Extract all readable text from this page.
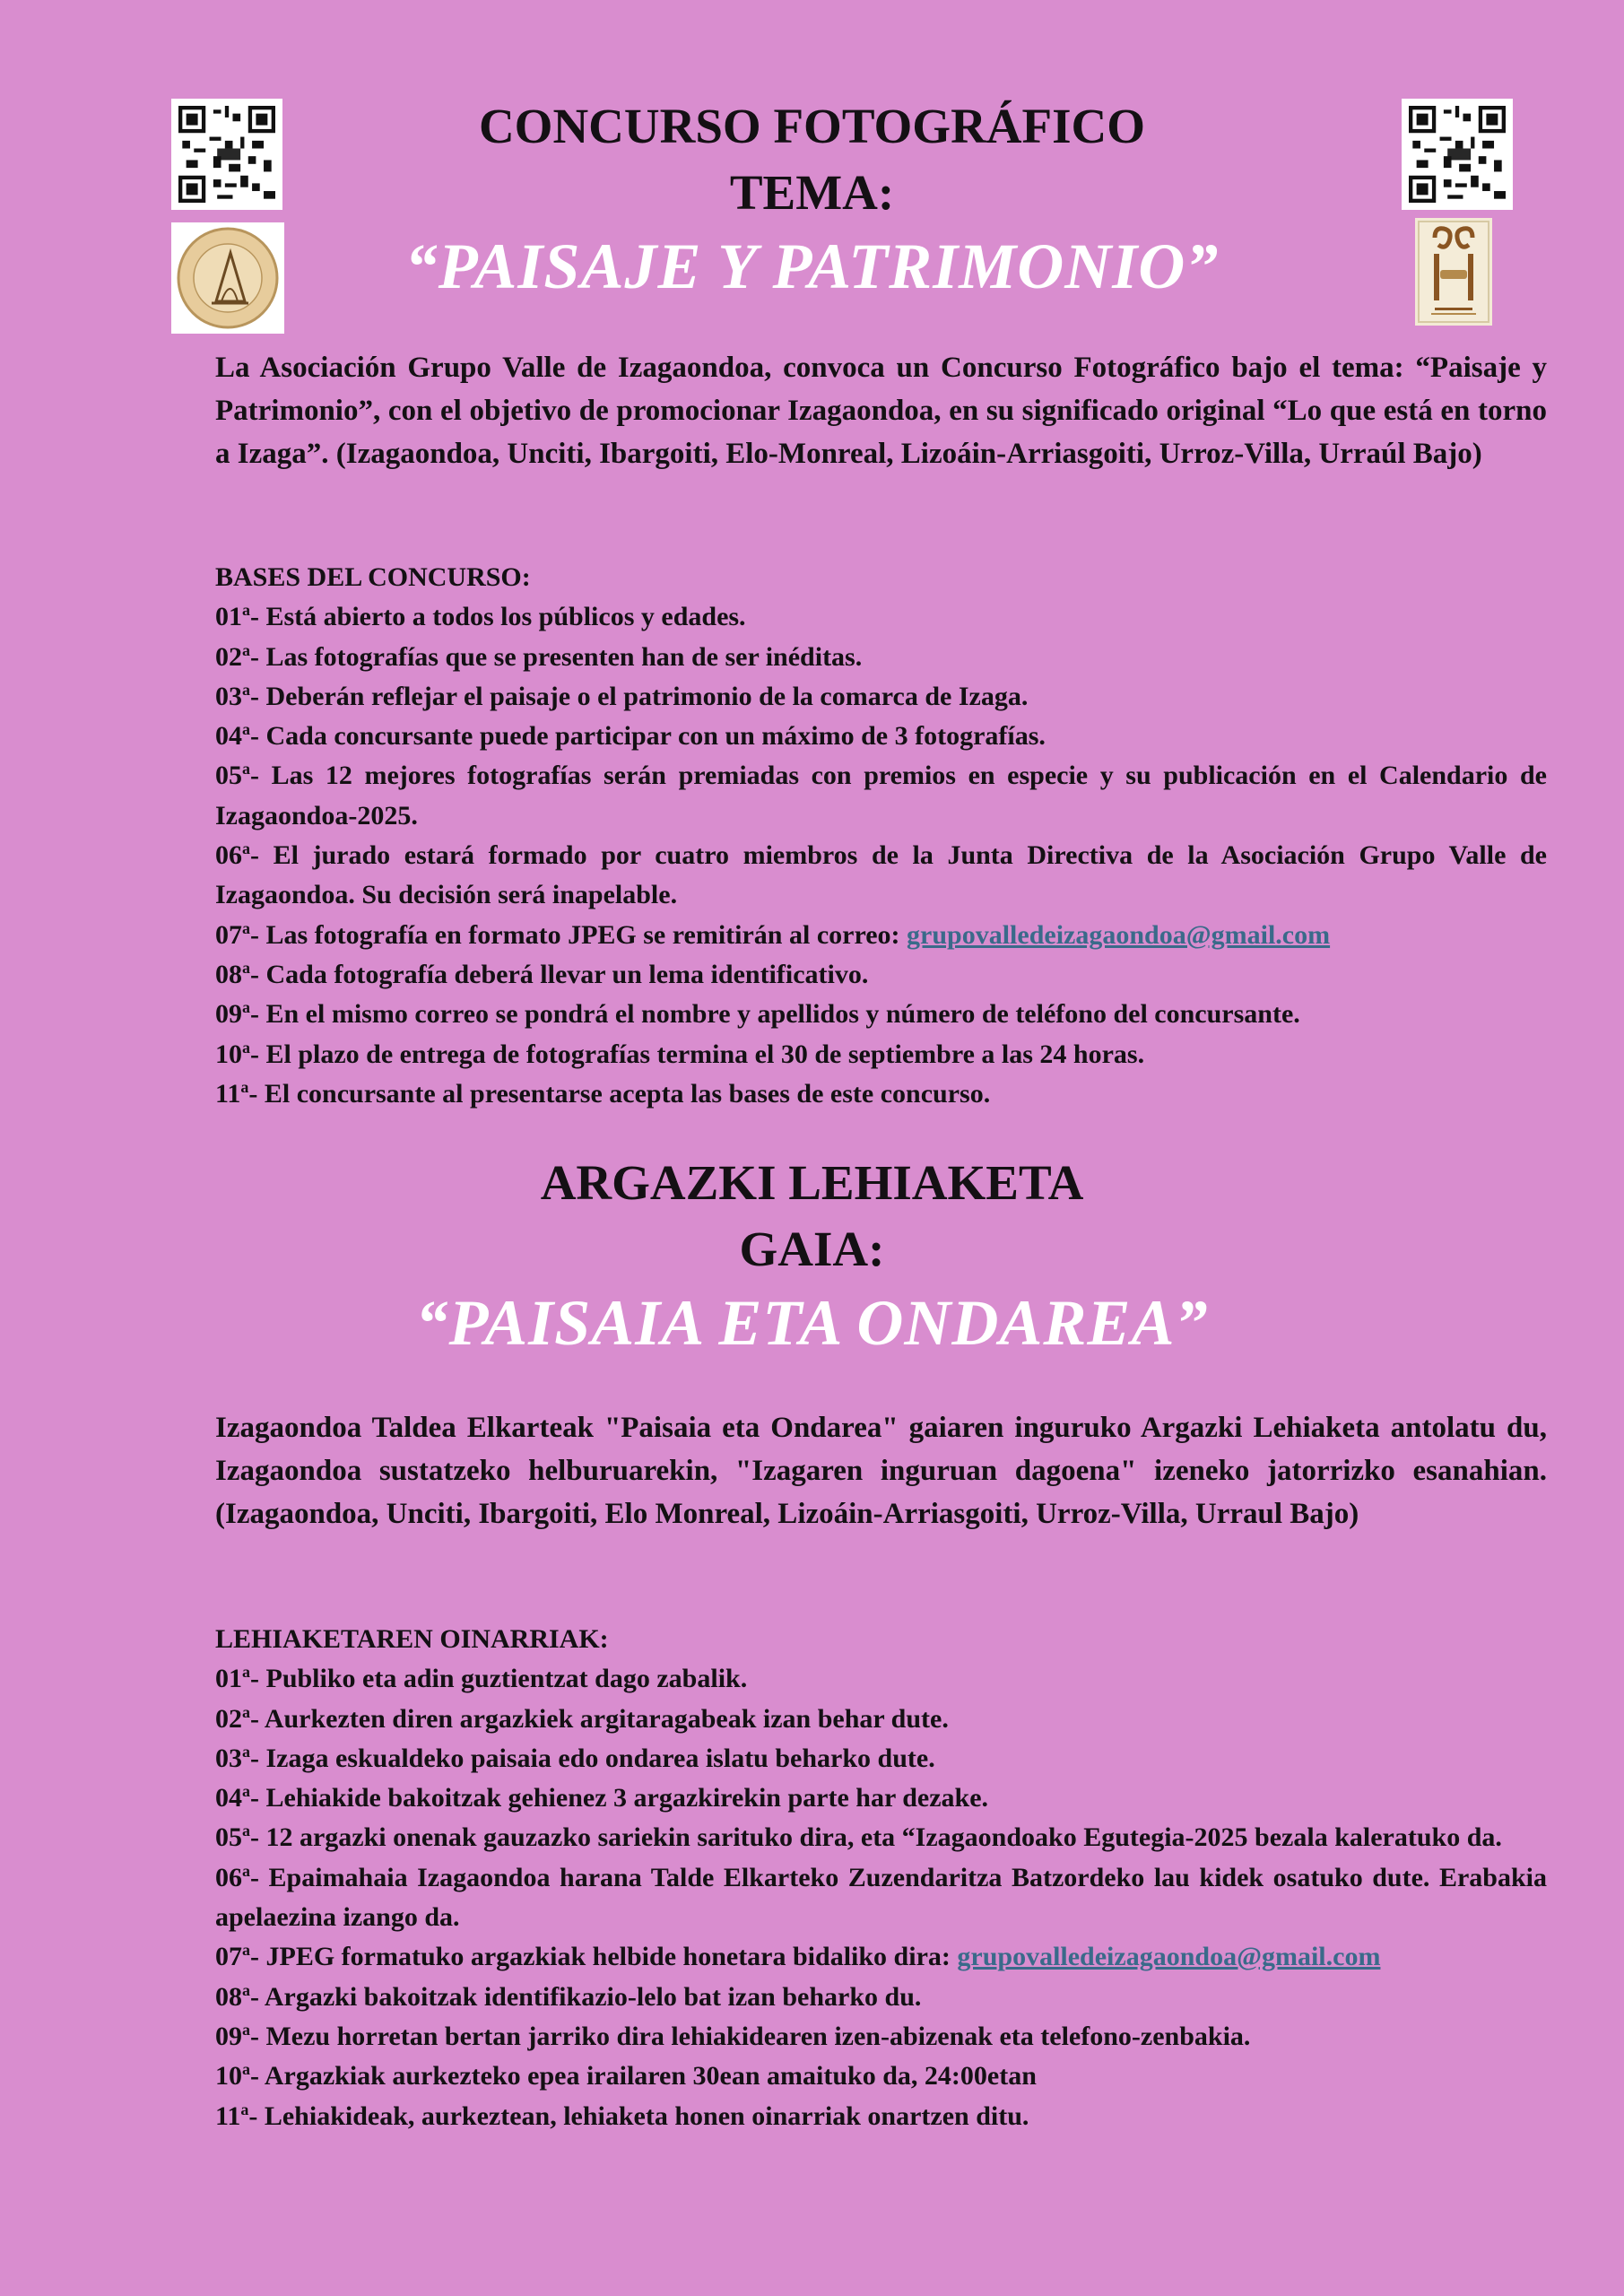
CONCURSO FOTOGRÁFICO
TEMA:
“PAISAJE Y PATRIMONIO”

La Asociación Grupo Valle de Izagaondoa, convoca un Concurso Fotográfico bajo el tema: “Paisaje y Patrimonio”, con el objetivo de promocionar Izagaondoa, en su significado original “Lo que está en torno a Izaga”. (Izagaondoa, Unciti, Ibargoiti, Elo-Monreal, Lizoáin-Arriasgoiti, Urroz-Villa, Urraúl Bajo)

BASES DEL CONCURSO:
01$^a$- Está abierto a todos los públicos y edades.
02$^a$- Las fotografías que se presenten han de ser inéditas.
03$^a$- Deberán reflejar el paisaje o el patrimonio de la comarca de Izaga.
04$^a$- Cada concursante puede participar con un máximo de 3 fotografías.
05$^a$- Las 12 mejores fotografías serán premiadas con premios en especie y su publicación en el Calendario de Izagaondoa-2025.
06$^a$- El jurado estará formado por cuatro miembros de la Junta Directiva de la Asociación Grupo Valle de Izagaondoa. Su decisión será inapelable.
07$^a$- Las fotografía en formato JPEG se remitirán al correo: grupovalledeizagaondoa@gmail.com
08$^a$- Cada fotografía deberá llevar un lema identificativo.
09$^a$- En el mismo correo se pondrá el nombre y apellidos y número de teléfono del concursante.
10$^a$- El plazo de entrega de fotografías termina el 30 de septiembre a las 24 horas.
11$^a$- El concursante al presentarse acepta las bases de este concurso.
ARGAZKI LEHIAKETA
GAIA:
“PAISAIA ETA ONDAREA”

Izagaondoa Taldea Elkarteak "Paisaia eta Ondarea" gaiaren inguruko Argazki Lehiaketa antolatu du, Izagaondoa sustatzeko helburuarekin, "Izagaren inguruan dagoena" izeneko jatorrizko esanahian. (Izagaondoa, Unciti, Ibargoiti, Elo Monreal, Lizoáin-Arriasgoiti, Urroz-Villa, Urraul Bajo)

LEHIAKETAREN OINARRIAK:
01$^a$- Publiko eta adin guztientzat dago zabalik.
02$^a$- Aurkezten diren argazkiek argitaragabeak izan behar dute.
03$^a$- Izaga eskualdeko paisaia edo ondarea islatu beharko dute.
04$^a$- Lehiakide bakoitzak gehienez 3 argazkirekin parte har dezake.
05$^a$- 12 argazki onenak gauzazko sariekin sarituko dira, eta “Izagaondoako Egutegia-2025 bezala kaleratuko da.
06$^a$- Epaimahaia Izagaondoa harana Talde Elkarteko Zuzendaritza Batzordeko lau kidek osatuko dute. Erabakia apelaezina izango da.
07$^a$- JPEG formatuko argazkiak helbide honetara bidaliko dira: grupovalledeizagaondoa@gmail.com
08$^a$- Argazki bakoitzak identifikazio-lelo bat izan beharko du.
09$^a$- Mezu horretan bertan jarriko dira lehiakidearen izen-abizenak eta telefono-zenbakia.
10$^a$- Argazkiak aurkezteko epea irailaren 30ean amaituko da, 24:00etan
11$^a$- Lehiakideak, aurkeztean, lehiaketa honen oinarriak onartzen ditu.
